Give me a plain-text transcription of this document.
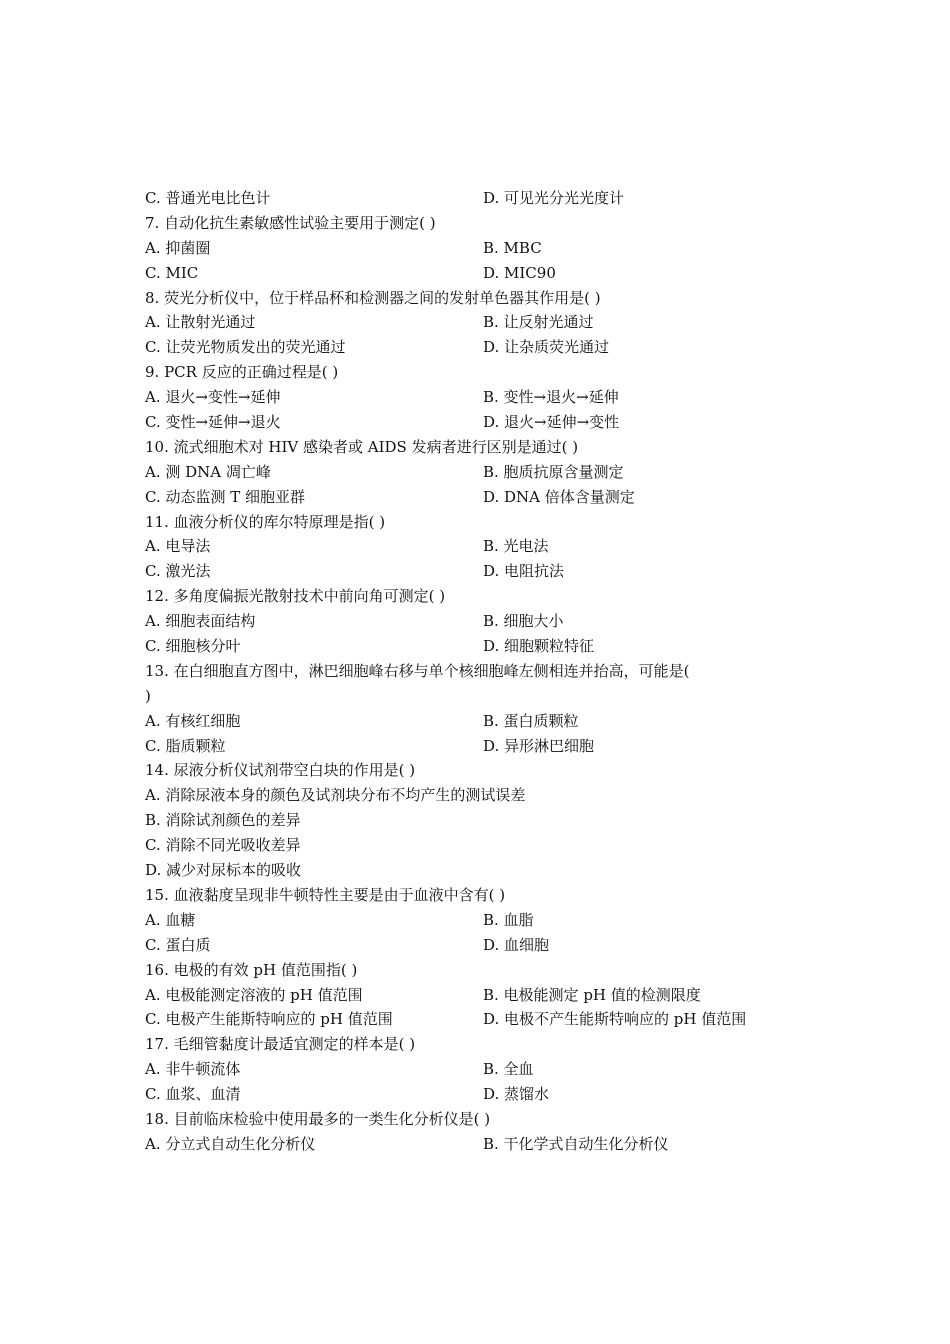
C. 普通光电比色计	D. 可见光分光光度计
7. 自动化抗生素敏感性试验主要用于测定( )
A. 抑菌圈	B. MBC
C. MIC	D. MIC90
8. 荧光分析仪中，位于样品杯和检测器之间的发射单色器其作用是( )
A. 让散射光通过	B. 让反射光通过
C. 让荧光物质发出的荧光通过	D. 让杂质荧光通过
9. PCR 反应的正确过程是( )
A. 退火→变性→延伸	B. 变性→退火→延伸
C. 变性→延伸→退火	D. 退火→延伸→变性
10. 流式细胞术对 HIV 感染者或 AIDS 发病者进行区别是通过( )
A. 测 DNA 凋亡峰	B. 胞质抗原含量测定
C. 动态监测 T 细胞亚群	D. DNA 倍体含量测定
11. 血液分析仪的库尔特原理是指( )
A. 电导法	B. 光电法
C. 激光法	D. 电阻抗法
12. 多角度偏振光散射技术中前向角可测定( )
A. 细胞表面结构	B. 细胞大小
C. 细胞核分叶	D. 细胞颗粒特征
13. 在白细胞直方图中，淋巴细胞峰右移与单个核细胞峰左侧相连并抬高，可能是(
)
A. 有核红细胞	B. 蛋白质颗粒
C. 脂质颗粒	D. 异形淋巴细胞
14. 尿液分析仪试剂带空白块的作用是( )
A. 消除尿液本身的颜色及试剂块分布不均产生的测试误差
B. 消除试剂颜色的差异
C. 消除不同光吸收差异
D. 减少对尿标本的吸收
15. 血液黏度呈现非牛顿特性主要是由于血液中含有( )
A. 血糖	B. 血脂
C. 蛋白质	D. 血细胞
16. 电极的有效 pH 值范围指( )
A. 电极能测定溶液的 pH 值范围	B. 电极能测定 pH 值的检测限度
C. 电极产生能斯特响应的 pH 值范围	D. 电极不产生能斯特响应的 pH 值范围
17. 毛细管黏度计最适宜测定的样本是( )
A. 非牛顿流体	B. 全血
C. 血浆、血清	D. 蒸馏水
18. 目前临床检验中使用最多的一类生化分析仪是( )
A. 分立式自动生化分析仪	B. 干化学式自动生化分析仪
